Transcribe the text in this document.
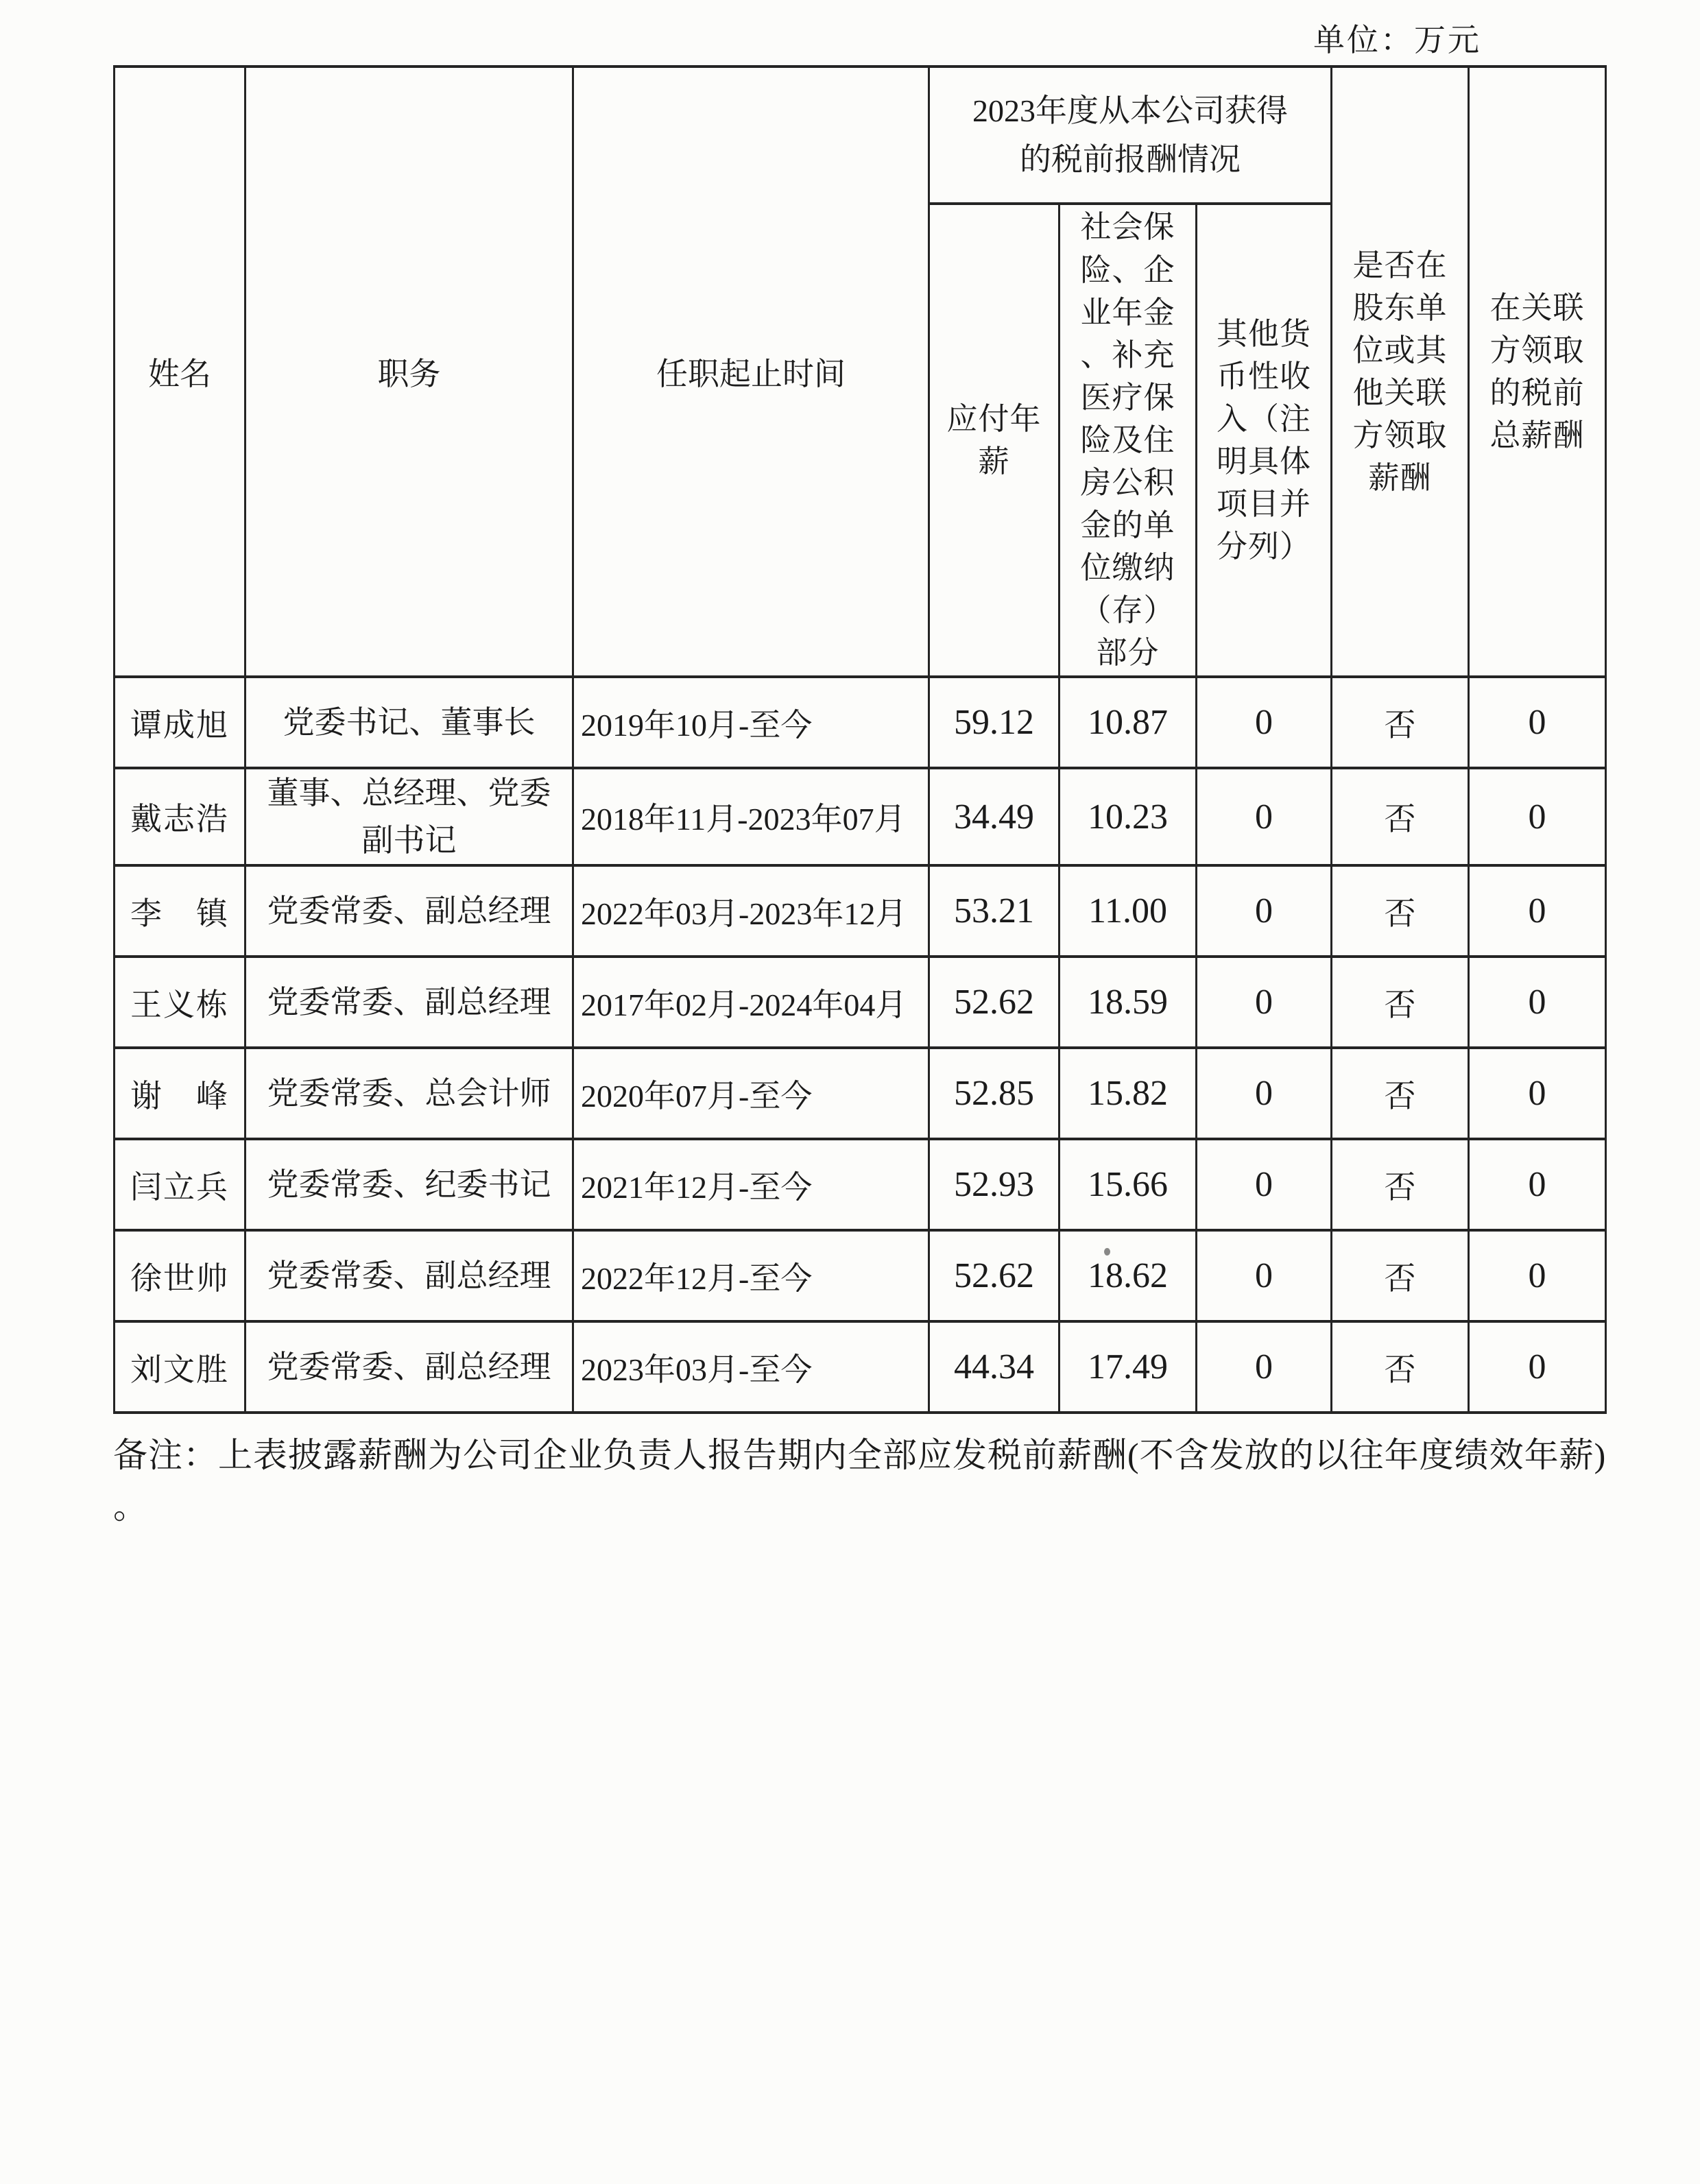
单位：万元
姓名	职务	任职起止时间	2023年度从本公司获得的税前报酬情况			是否在股东单位或其他关联方领取薪酬	在关联方领取的税前总薪酬
			应付年薪	社会保险、企业年金、补充医疗保险及住房公积金的单位缴纳（存）部分	其他货币性收入（注明具体项目并分列）		
谭成旭	党委书记、董事长	2019年10月-至今	59.12	10.87	0	否	0
戴志浩	董事、总经理、党委副书记	2018年11月-2023年07月	34.49	10.23	0	否	0
李　镇	党委常委、副总经理	2022年03月-2023年12月	53.21	11.00	0	否	0
王义栋	党委常委、副总经理	2017年02月-2024年04月	52.62	18.59	0	否	0
谢　峰	党委常委、总会计师	2020年07月-至今	52.85	15.82	0	否	0
闫立兵	党委常委、纪委书记	2021年12月-至今	52.93	15.66	0	否	0
徐世帅	党委常委、副总经理	2022年12月-至今	52.62	18.62	0	否	0
刘文胜	党委常委、副总经理	2023年03月-至今	44.34	17.49	0	否	0
备注：上表披露薪酬为公司企业负责人报告期内全部应发税前薪酬(不含发放的以往年度绩效年薪)
。
